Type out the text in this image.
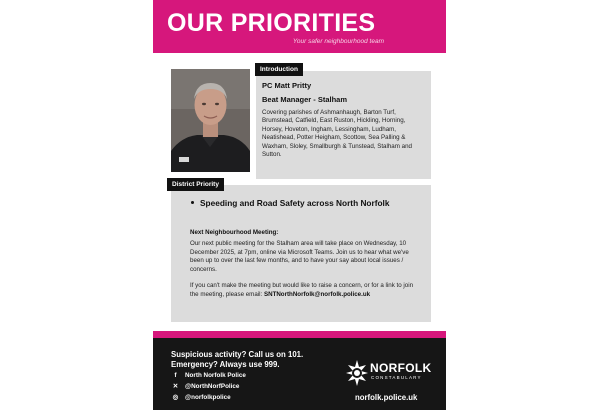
OUR PRIORITIES
Your safer neighbourhood team
PC Matt Pritty
Beat Manager - Stalham
Covering parishes of Ashmanhaugh, Barton Turf, Brumstead, Catfield, East Ruston, Hickling, Horning, Horsey, Hoveton, Ingham, Lessingham, Ludham, Neatishead, Potter Heigham, Scottow, Sea Palling & Waxham, Sloley, Smallburgh & Tunstead, Stalham and Sutton.
Introduction
Speeding and Road Safety across North Norfolk
Next Neighbourhood Meeting:
Our next public meeting for the Stalham area will take place on Wednesday, 10 December 2025, at 7pm, online via Microsoft Teams. Join us to hear what we've been up to over the last few months, and to have your say about local issues / concerns.
If you can't make the meeting but would like to raise a concern, or for a link to join the meeting, please email: SNTNorthNorfolk@norfolk.police.uk
District Priority
Suspicious activity? Call us on 101.
Emergency? Always use 999.
f North Norfolk Police
✕ @NorthNorfPolice
◎ @norfolkpolice
NORFOLK
CONSTABULARY
norfolk.police.uk
